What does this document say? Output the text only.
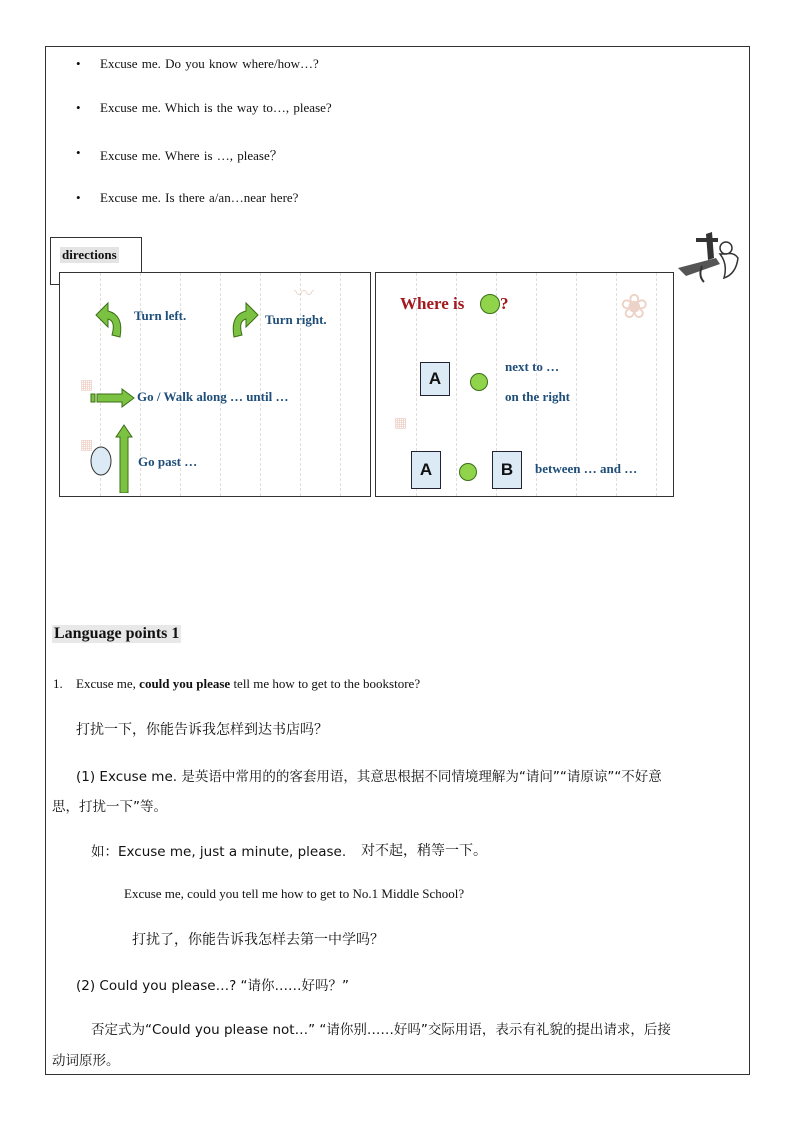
• Excuse me. Do you know where/how…?
• Excuse me. Which is the way to…, please?
• Excuse me. Where is …, please？
• Excuse me. Is there a/an…near here?
directions
〰
▦
▦
Turn left.	Turn right.
Go / Walk along … until …
Go past …
❀
▦
Where is ?
A
next to …
on the right
A	B	between … and …
Language points 1
1. Excuse me, could you please tell me how to get to the bookstore?
打扰一下，你能告诉我怎样到达书店吗？
(1) Excuse me. 是英语中常用的的客套用语，其意思根据不同情境理解为“请问”“请原谅”“不好意
思，打扰一下”等。
如：Excuse me, just a minute, please. 对不起，稍等一下。
Excuse me, could you tell me how to get to No.1 Middle School?
打扰了，你能告诉我怎样去第一中学吗？
(2) Could you please…? “请你……好吗？”
否定式为“Could you please not…” “请你别……好吗”交际用语，表示有礼貌的提出请求，后接
动词原形。
